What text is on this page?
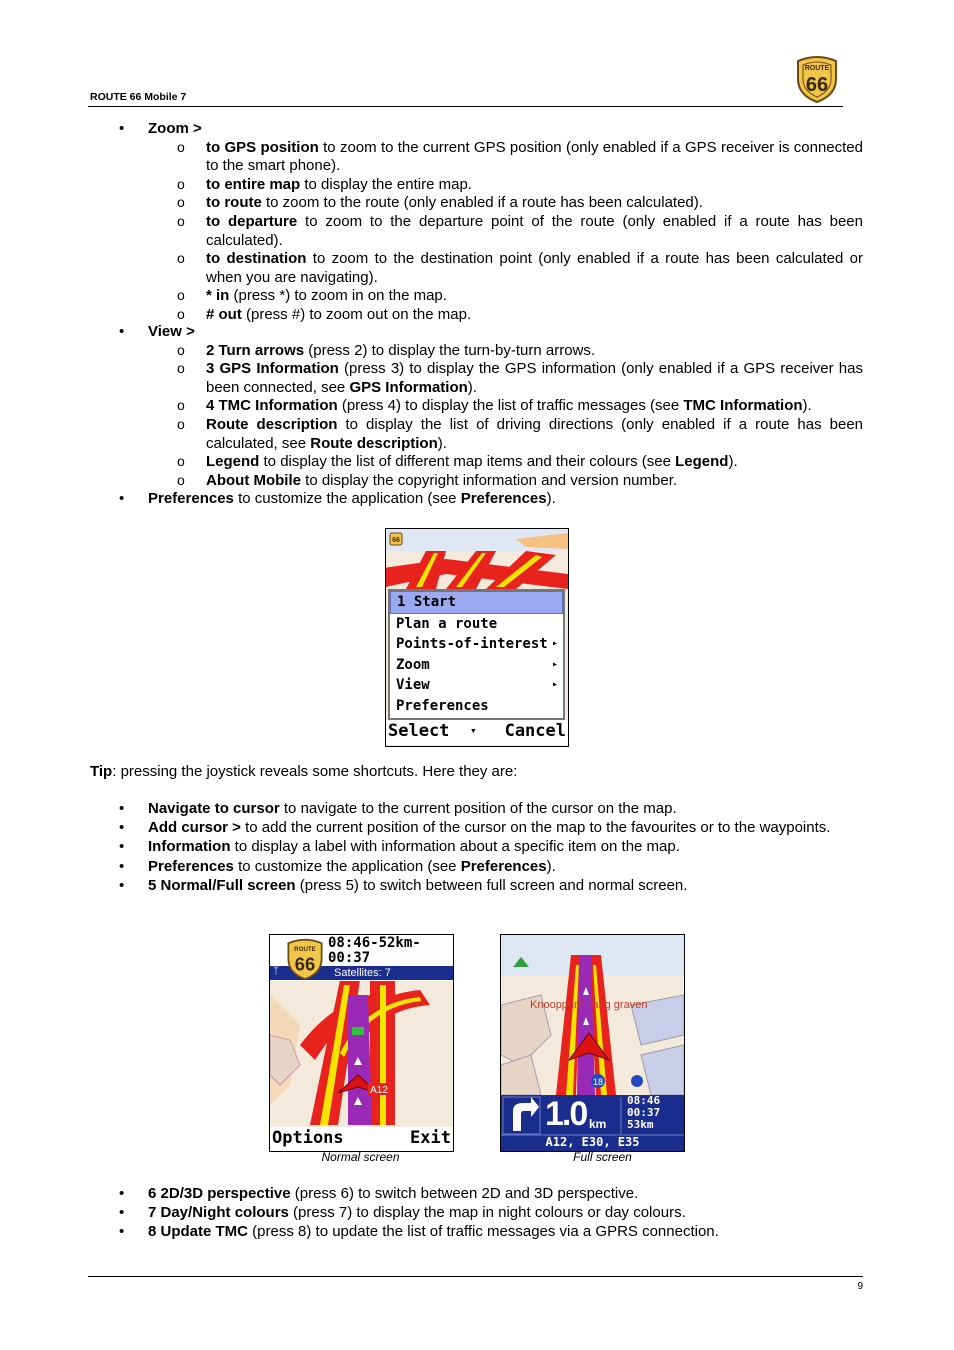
ROUTE 66 Mobile 7
ROUTE
66
• Zoom >
o to GPS position to zoom to the current GPS position (only enabled if a GPS receiver is connected to the smart phone).
o to entire map to display the entire map.
o to route to zoom to the route (only enabled if a route has been calculated).
o to departure to zoom to the departure point of the route (only enabled if a route has been calculated).
o to destination to zoom to the destination point (only enabled if a route has been calculated or when you are navigating).
o * in (press *) to zoom in on the map.
o # out (press #) to zoom out on the map.
• View >
o 2 Turn arrows (press 2) to display the turn-by-turn arrows.
o 3 GPS Information (press 3) to display the GPS information (only enabled if a GPS receiver has been connected, see GPS Information).
o 4 TMC Information (press 4) to display the list of traffic messages (see TMC Information).
o Route description to display the list of driving directions (only enabled if a route has been calculated, see Route description).
o Legend to display the list of different map items and their colours (see Legend).
o About Mobile to display the copyright information and version number.
• Preferences to customize the application (see Preferences).
66
1 Start
Plan a route
Points-of-interest ▸
Zoom	▸
View	▸
Preferences
Select ▾ Cancel
Tip: pressing the joystick reveals some shortcuts. Here they are:
• Navigate to cursor to navigate to the current position of the cursor on the map.
• Add cursor > to add the current position of the cursor on the map to the favourites or to the waypoints.
• Information to display a label with information about a specific item on the map.
• Preferences to customize the application (see Preferences).
• 5 Normal/Full screen (press 5) to switch between full screen and normal screen.
A12
ROUTE
66
08:46-52km-
00:37
ᛉ	Satellites: 7
Options	Exit
Normal screen
18
Knooppunt Lang graven
1.0 km
08:46
00:37
53km
A12, E30, E35
Full screen
• 6 2D/3D perspective (press 6) to switch between 2D and 3D perspective.
• 7 Day/Night colours (press 7) to display the map in night colours or day colours.
• 8 Update TMC (press 8) to update the list of traffic messages via a GPRS connection.
9
